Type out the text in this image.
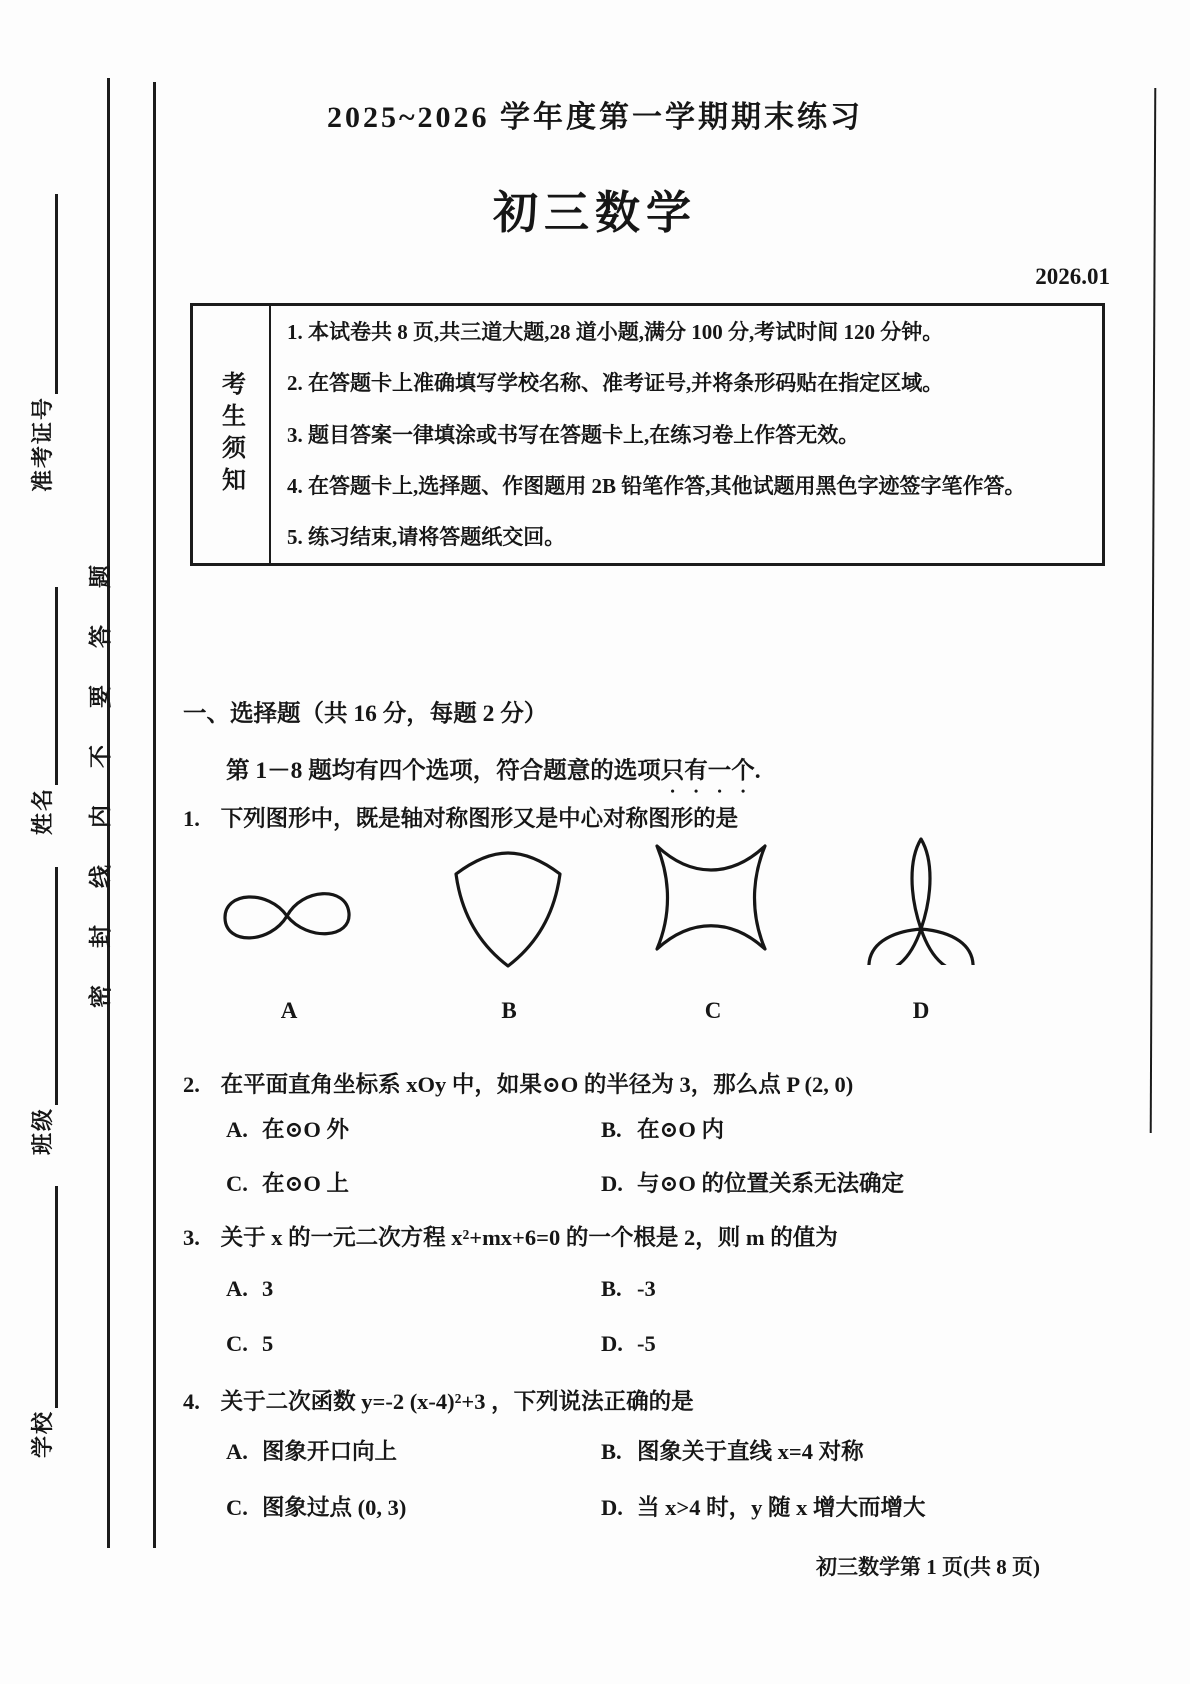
准考证号
姓名
班级
学校
密封线内不要答题
2025~2026 学年度第一学期期末练习
初三数学
2026.01
考生须知
1. 本试卷共 8 页,共三道大题,28 道小题,满分 100 分,考试时间 120 分钟。
2. 在答题卡上准确填写学校名称、准考证号,并将条形码贴在指定区域。
3. 题目答案一律填涂或书写在答题卡上,在练习卷上作答无效。
4. 在答题卡上,选择题、作图题用 2B 铅笔作答,其他试题用黑色字迹签字笔作答。
5. 练习结束,请将答题纸交回。
一、选择题（共 16 分，每题 2 分）
第 1－8 题均有四个选项，符合题意的选项只有一个.
1. 下列图形中，既是轴对称图形又是中心对称图形的是
A	B	C	D
2. 在平面直角坐标系 xOy 中，如果⊙O 的半径为 3，那么点 P (2, 0)
A. 在⊙O 外	B. 在⊙O 内
C. 在⊙O 上	D. 与⊙O 的位置关系无法确定
3. 关于 x 的一元二次方程 x²+mx+6=0 的一个根是 2，则 m 的值为
A. 3	B. -3
C. 5	D. -5
4. 关于二次函数 y=-2 (x-4)²+3 ，下列说法正确的是
A. 图象开口向上	B. 图象关于直线 x=4 对称
C. 图象过点 (0, 3)	D. 当 x>4 时，y 随 x 增大而增大
初三数学第 1 页(共 8 页)
